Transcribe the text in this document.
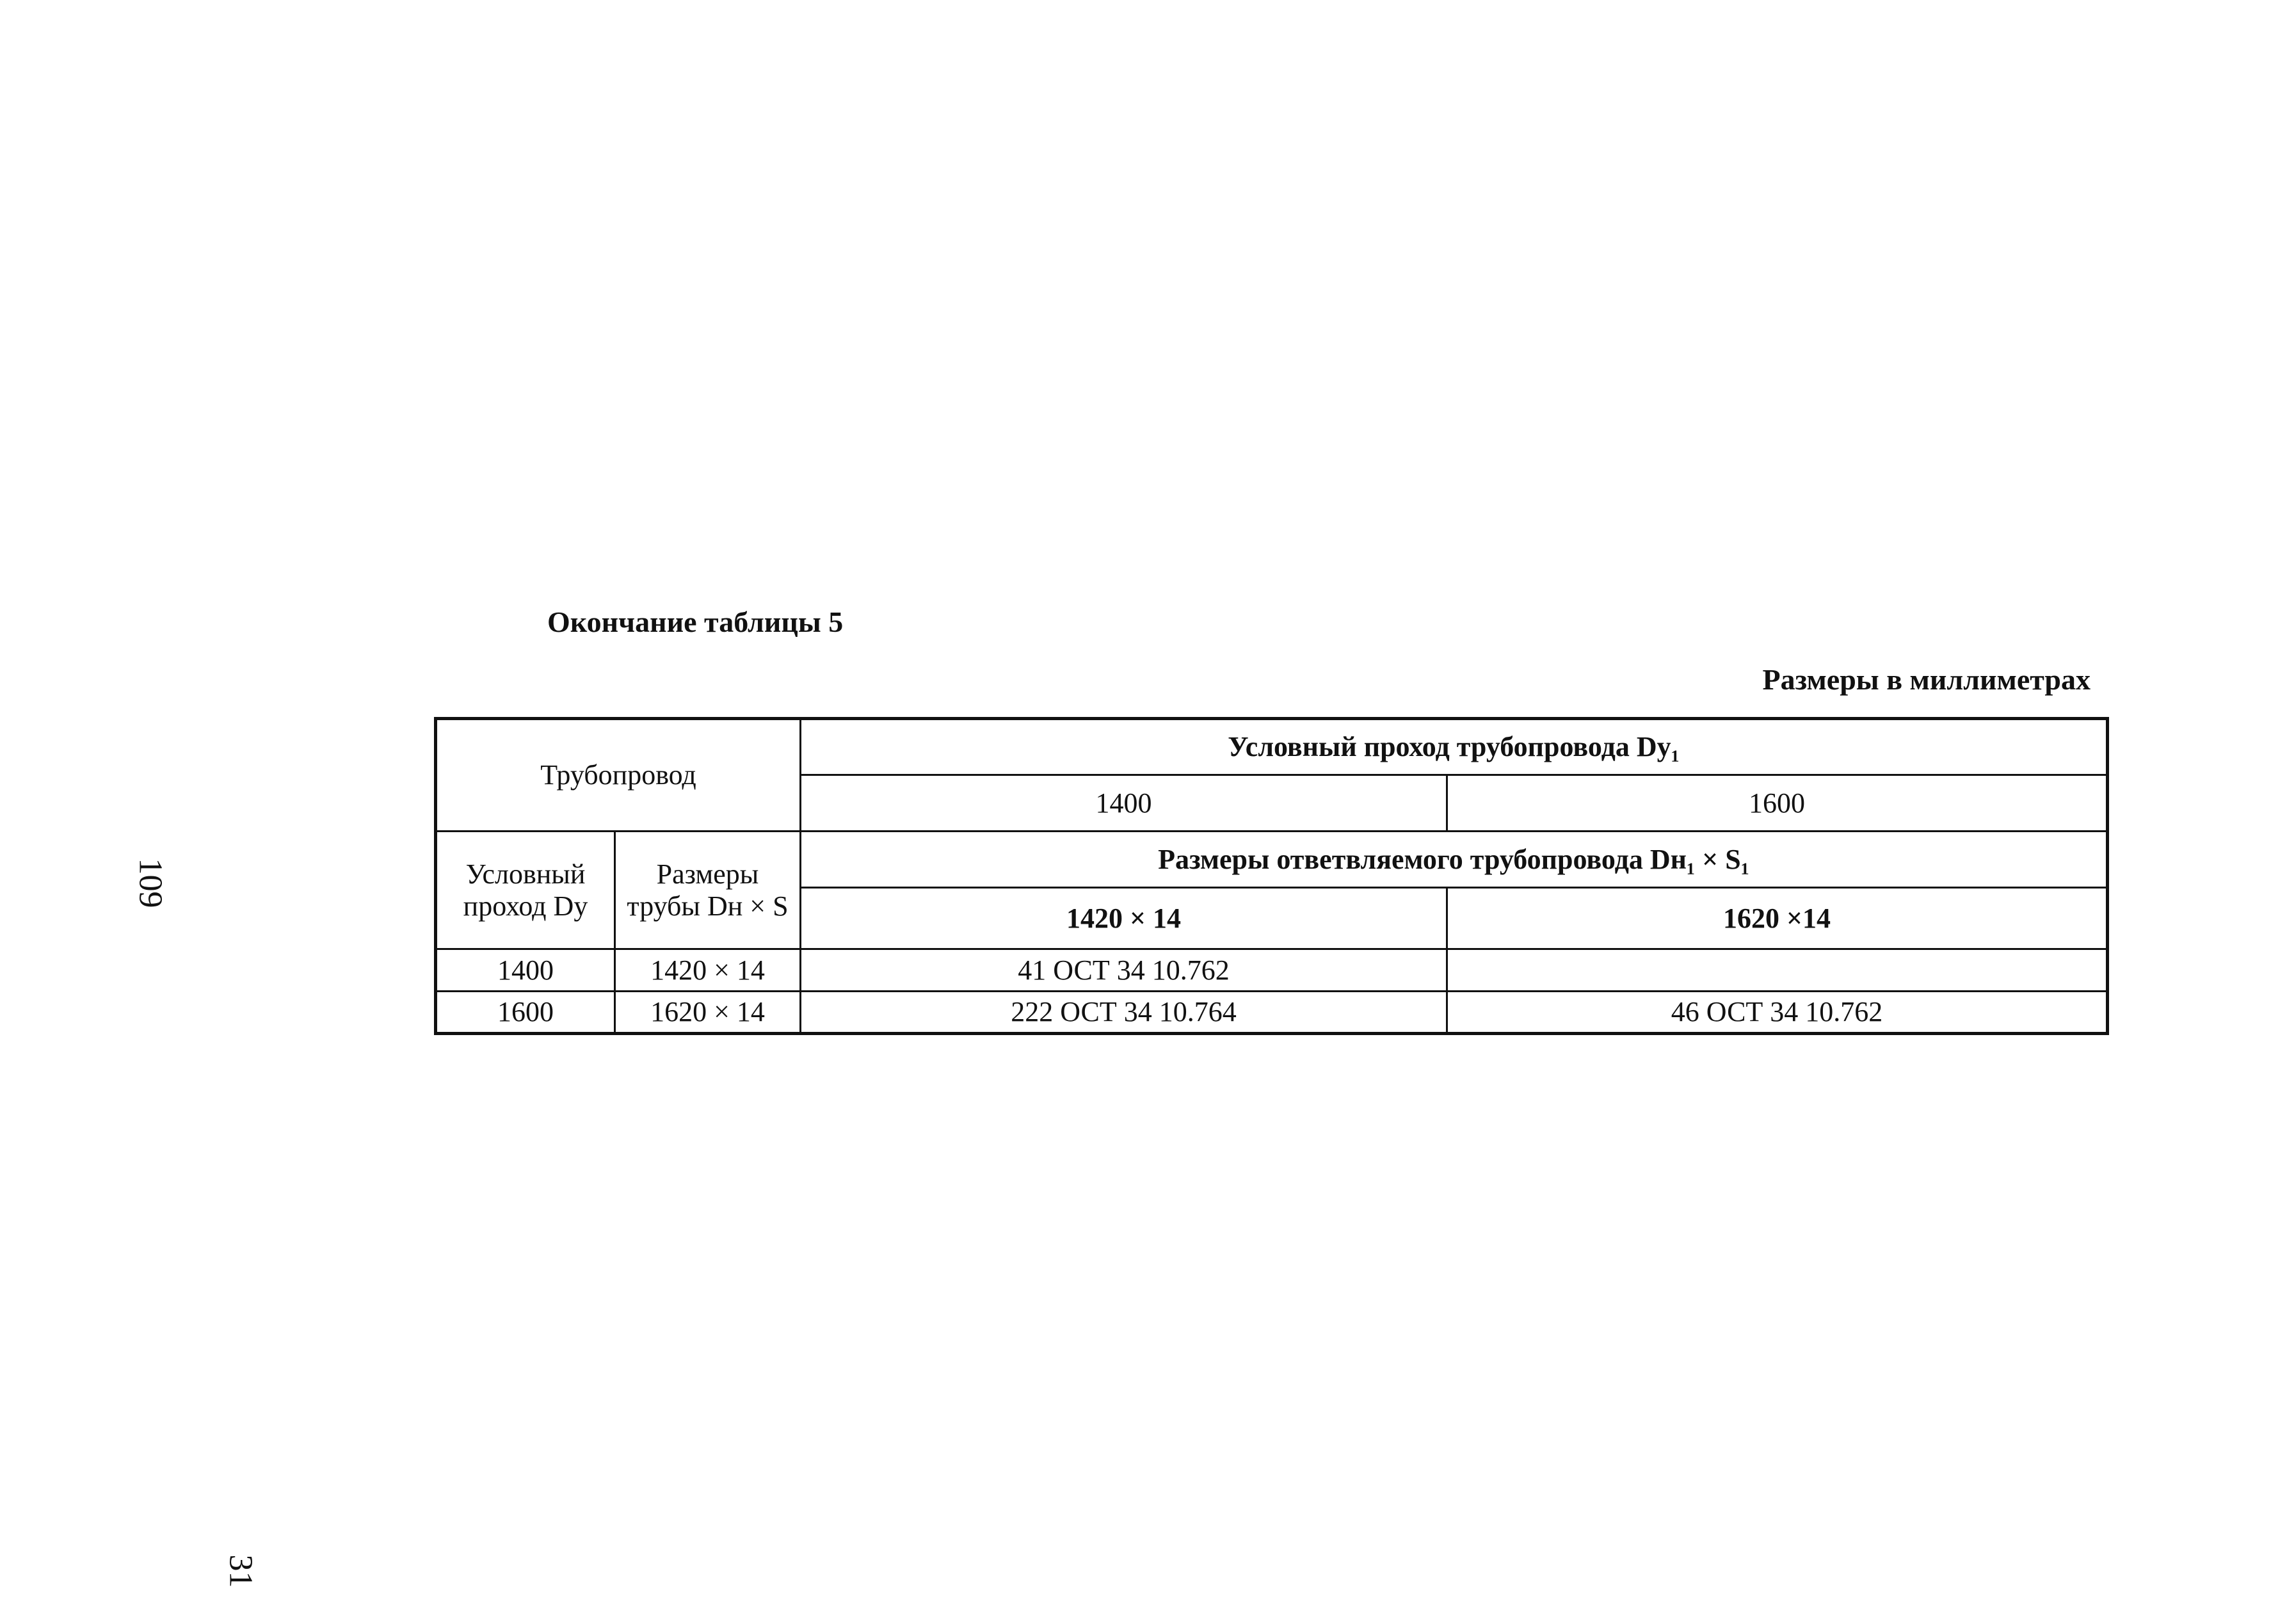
Окончание таблицы 5
Размеры в миллиметрах
109
31
Трубопровод		Условный проход трубопровода Dy₁	
		1400	1600
Условный проход Dy	Размеры трубы Dн × S	Размеры ответвляемого трубопровода Dн₁ × S₁	
		1420 × 14	1620 ×14
1400	1420 × 14	41 ОСТ 34 10.762	
1600	1620 × 14	222 ОСТ 34 10.764	46 ОСТ 34 10.762
